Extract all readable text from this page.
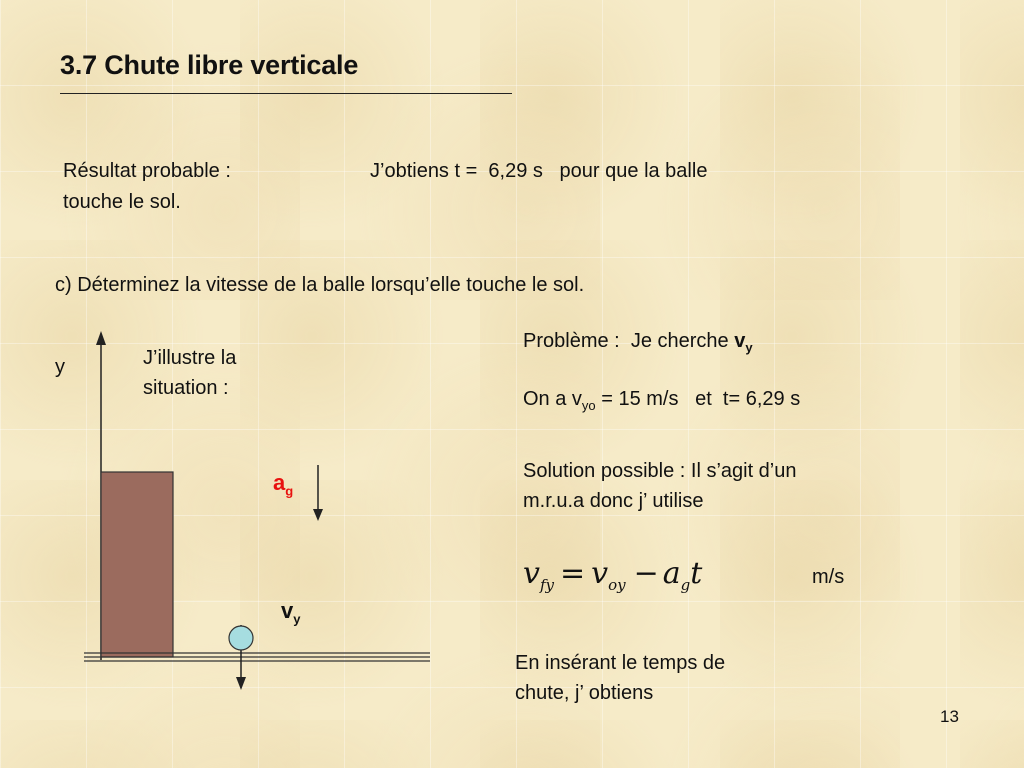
3.7 Chute libre verticale
Résultat probable :	J’obtiens t =  6,29 s   pour que la balle
touche le sol.
c) Déterminez la vitesse de la balle lorsqu’elle touche le sol.
y	J’illustre la
situation :
$a_g$
$v_y$
Problème :  Je cherche $v_y$
On a $v_{yo} = 15$ m/s   et  t= 6,29 s
Solution possible : Il s’agit d’un
m.r.u.a donc j’ utilise
$v_{fy} = v_{oy} - a_gt$	m/s
En insérant le temps de
chute, j’ obtiens
13
